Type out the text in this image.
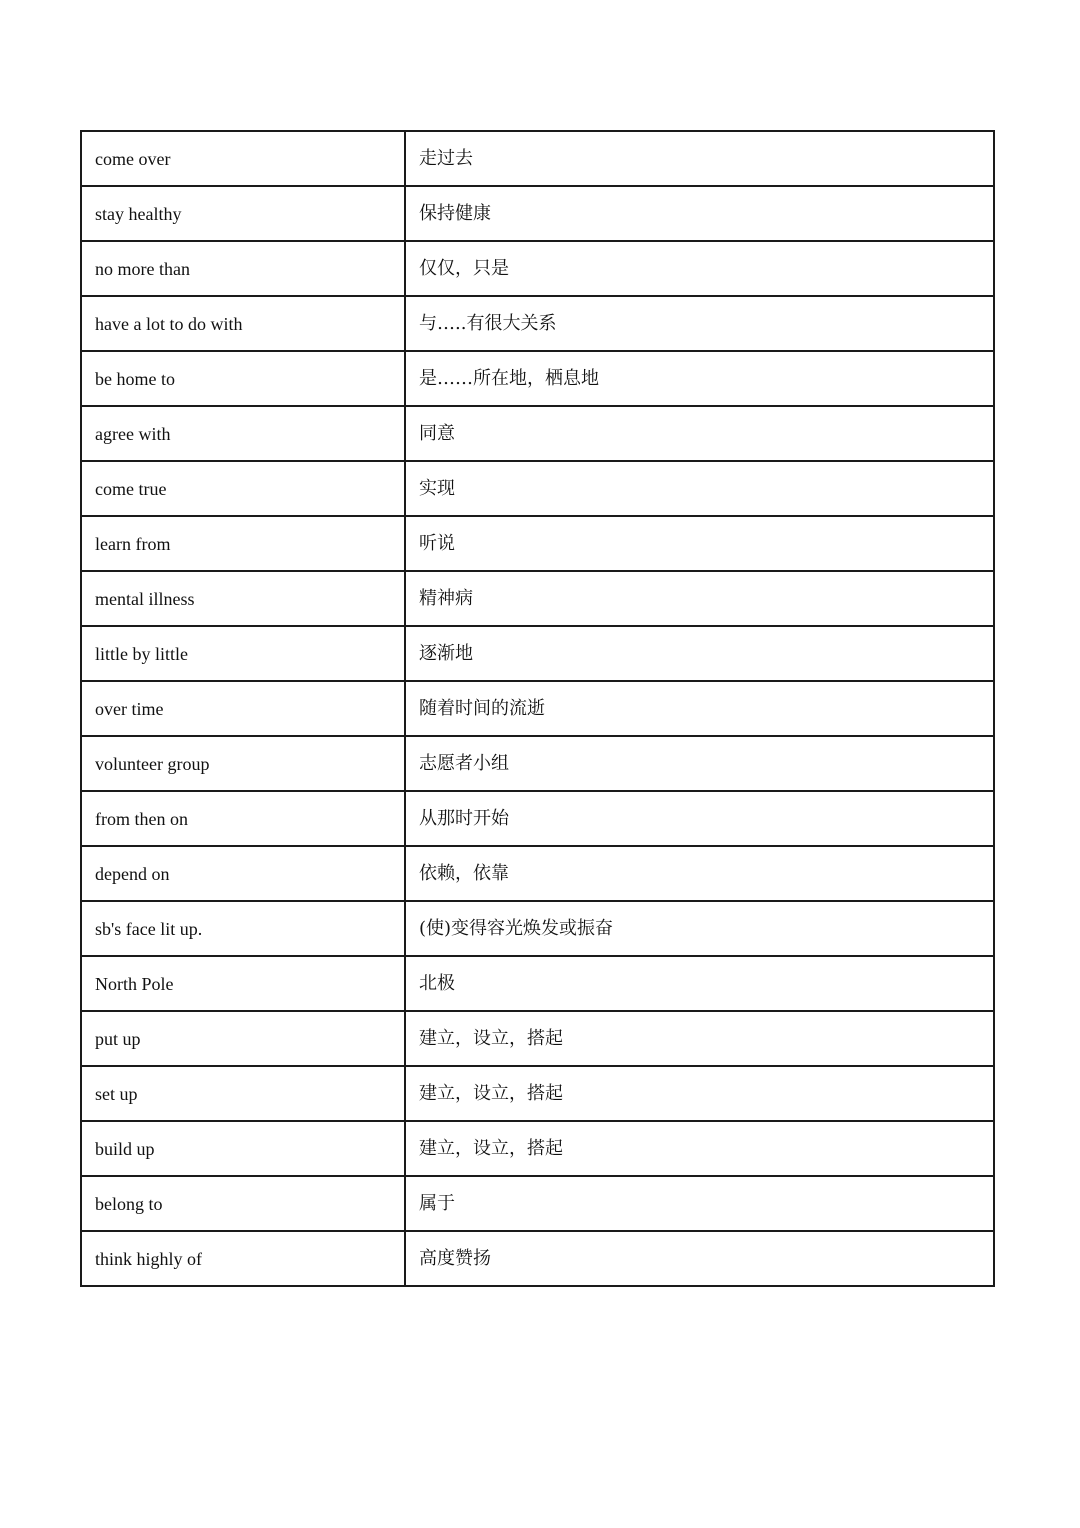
come over	走过去
stay healthy	保持健康
no more than	仅仅，只是
have a lot to do with	与…..有很大关系
be home to	是……所在地，栖息地
agree with	同意
come true	实现
learn from	听说
mental illness	精神病
little by little	逐渐地
over time	随着时间的流逝
volunteer group	志愿者小组
from then on	从那时开始
depend on	依赖，依靠
sb's face lit up.	(使)变得容光焕发或振奋
North Pole	北极
put up	建立，设立，搭起
set up	建立，设立，搭起
build up	建立，设立，搭起
belong to	属于
think highly of	高度赞扬
